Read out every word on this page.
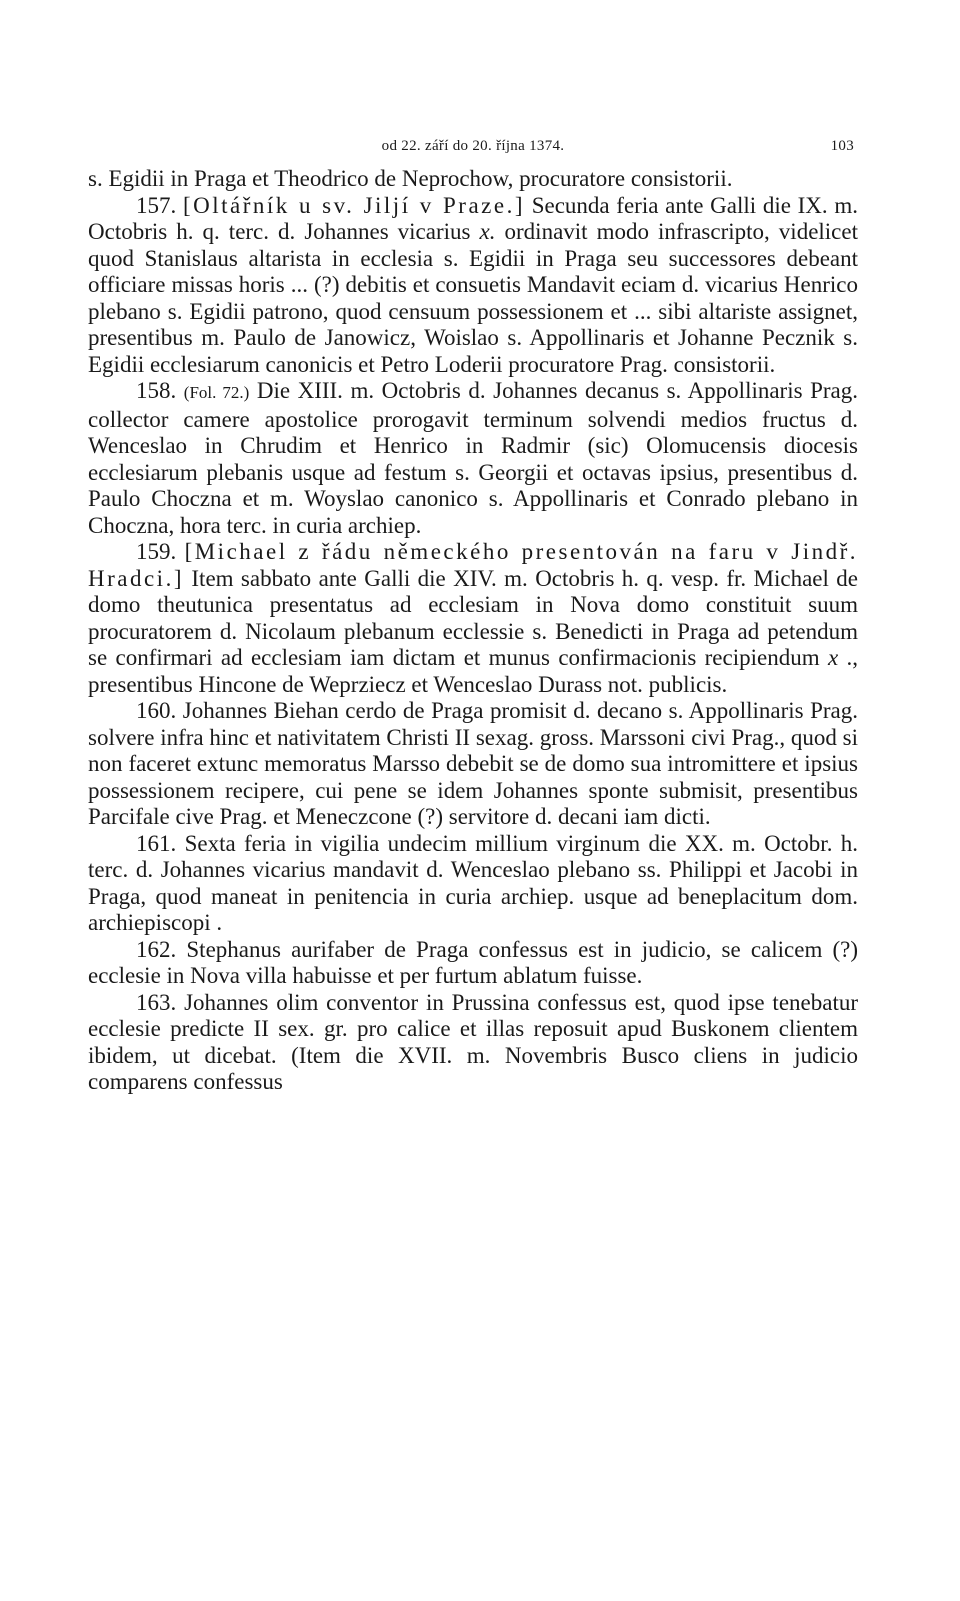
od 22. září do 20. října 1374.	103

s. Egidii in Praga et Theodrico de Neprochow, procuratore consistorii.

157. [Oltářník u sv. Jiljí v Praze.] Secunda feria ante Galli die IX. m. Octobris h. q. terc. d. Johannes vicarius x. ordinavit modo infrascripto, videlicet quod Stanislaus altarista in ecclesia s. Egidii in Praga seu successores debeant officiare missas horis ... (?) debitis et consuetis Mandavit eciam d. vicarius Henrico plebano s. Egidii patrono, quod censuum possessionem et ... sibi altariste assignet, presentibus m. Paulo de Janowicz, Woislao s. Appollinaris et Johanne Pecznik s. Egidii ecclesiarum canonicis et Petro Loderii procuratore Prag. consistorii.

158. (Fol. 72.) Die XIII. m. Octobris d. Johannes decanus s. Appollinaris Prag. collector camere apostolice prorogavit terminum solvendi medios fructus d. Wenceslao in Chrudim et Henrico in Radmir (sic) Olomucensis diocesis ecclesiarum plebanis usque ad festum s. Georgii et octavas ipsius, presentibus d. Paulo Choczna et m. Woyslao canonico s. Appollinaris et Conrado plebano in Choczna, hora terc. in curia archiep.

159. [Michael z řádu německého presentován na faru v Jindř. Hradci.] Item sabbato ante Galli die XIV. m. Octobris h. q. vesp. fr. Michael de domo theutunica presentatus ad ecclesiam in Nova domo constituit suum procuratorem d. Nicolaum plebanum ecclessie s. Benedicti in Praga ad petendum se confirmari ad ecclesiam iam dictam et munus confirmacionis recipiendum x ., presentibus Hincone de Weprziecz et Wenceslao Durass not. publicis.

160. Johannes Biehan cerdo de Praga promisit d. decano s. Appollinaris Prag. solvere infra hinc et nativitatem Christi II sexag. gross. Marssoni civi Prag., quod si non faceret extunc memoratus Marsso debebit se de domo sua intromittere et ipsius possessionem recipere, cui pene se idem Johannes sponte submisit, presentibus Parcifale cive Prag. et Meneczcone (?) servitore d. decani iam dicti.

161. Sexta feria in vigilia undecim millium virginum die XX. m. Octobr. h. terc. d. Johannes vicarius mandavit d. Wenceslao plebano ss. Philippi et Jacobi in Praga, quod maneat in penitencia in curia archiep. usque ad beneplacitum dom. archiepiscopi .

162. Stephanus aurifaber de Praga confessus est in judicio, se calicem (?) ecclesie in Nova villa habuisse et per furtum ablatum fuisse.

163. Johannes olim conventor in Prussina confessus est, quod ipse tenebatur ecclesie predicte II sex. gr. pro calice et illas reposuit apud Buskonem clientem ibidem, ut dicebat. (Item die XVII. m. Novembris Busco cliens in judicio comparens confessus
